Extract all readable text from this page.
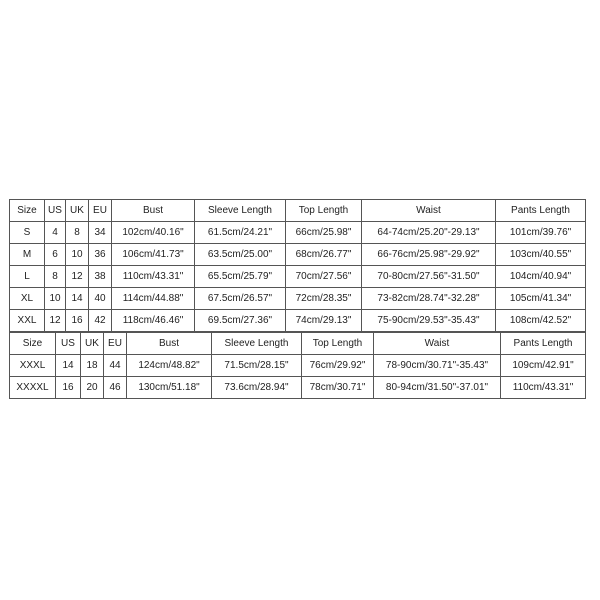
Size	US	UK	EU	Bust	Sleeve Length	Top Length	Waist	Pants Length
S	4	8	34	102cm/40.16"	61.5cm/24.21"	66cm/25.98"	64-74cm/25.20"-29.13"	101cm/39.76"
M	6	10	36	106cm/41.73"	63.5cm/25.00"	68cm/26.77"	66-76cm/25.98"-29.92"	103cm/40.55"
L	8	12	38	110cm/43.31"	65.5cm/25.79"	70cm/27.56"	70-80cm/27.56"-31.50"	104cm/40.94"
XL	10	14	40	114cm/44.88"	67.5cm/26.57"	72cm/28.35"	73-82cm/28.74"-32.28"	105cm/41.34"
XXL	12	16	42	118cm/46.46"	69.5cm/27.36"	74cm/29.13"	75-90cm/29.53"-35.43"	108cm/42.52"
Size	US	UK	EU	Bust	Sleeve Length	Top Length	Waist	Pants Length
XXXL	14	18	44	124cm/48.82"	71.5cm/28.15"	76cm/29.92"	78-90cm/30.71"-35.43"	109cm/42.91"
XXXXL	16	20	46	130cm/51.18"	73.6cm/28.94"	78cm/30.71"	80-94cm/31.50"-37.01"	110cm/43.31"
